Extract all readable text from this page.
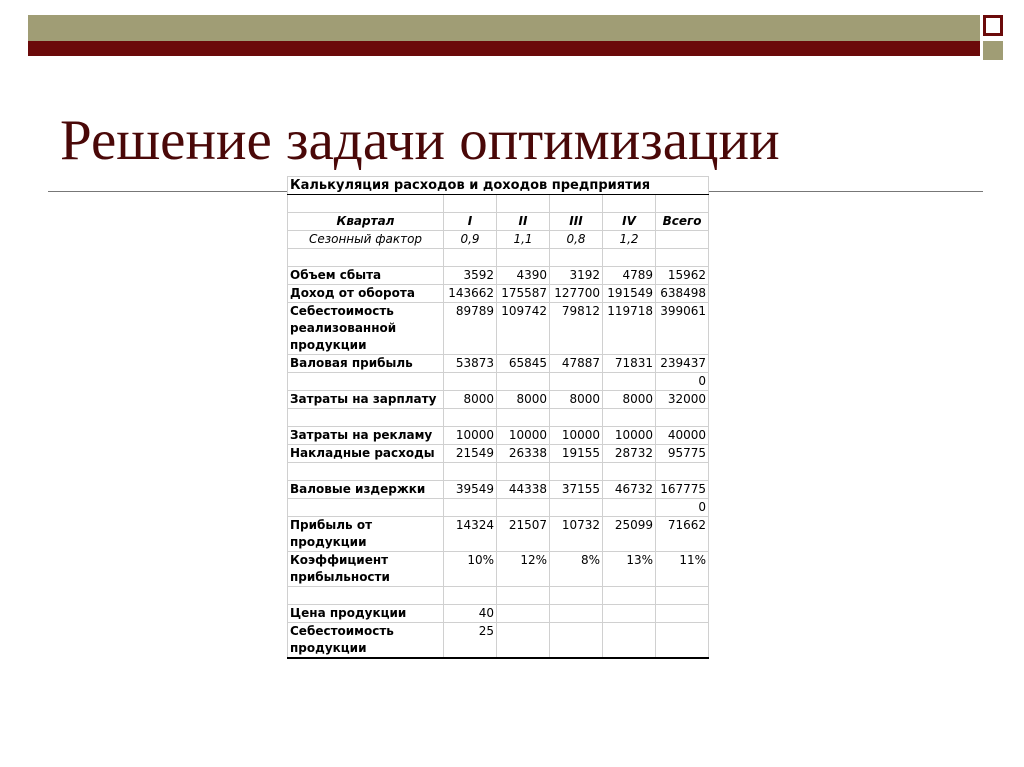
Решение задачи оптимизации
Калькуляция расходов и доходов предприятия					

Квартал	I	II	III	IV	Всего
Сезонный фактор	0,9	1,1	0,8	1,2	

Объем сбыта	3592	4390	3192	4789	15962
Доход от оборота	143662	175587	127700	191549	638498
Себестоимость реализованной продукции	89789	109742	79812	119718	399061
Валовая прибыль	53873	65845	47887	71831	239437
					0
Затраты на зарплату	8000	8000	8000	8000	32000

Затраты на рекламу	10000	10000	10000	10000	40000
Накладные расходы	21549	26338	19155	28732	95775

Валовые издержки	39549	44338	37155	46732	167775
					0
Прибыль от продукции	14324	21507	10732	25099	71662
Коэффициент прибыльности	10%	12%	8%	13%	11%

Цена продукции	40				
Себестоимость продукции	25				
